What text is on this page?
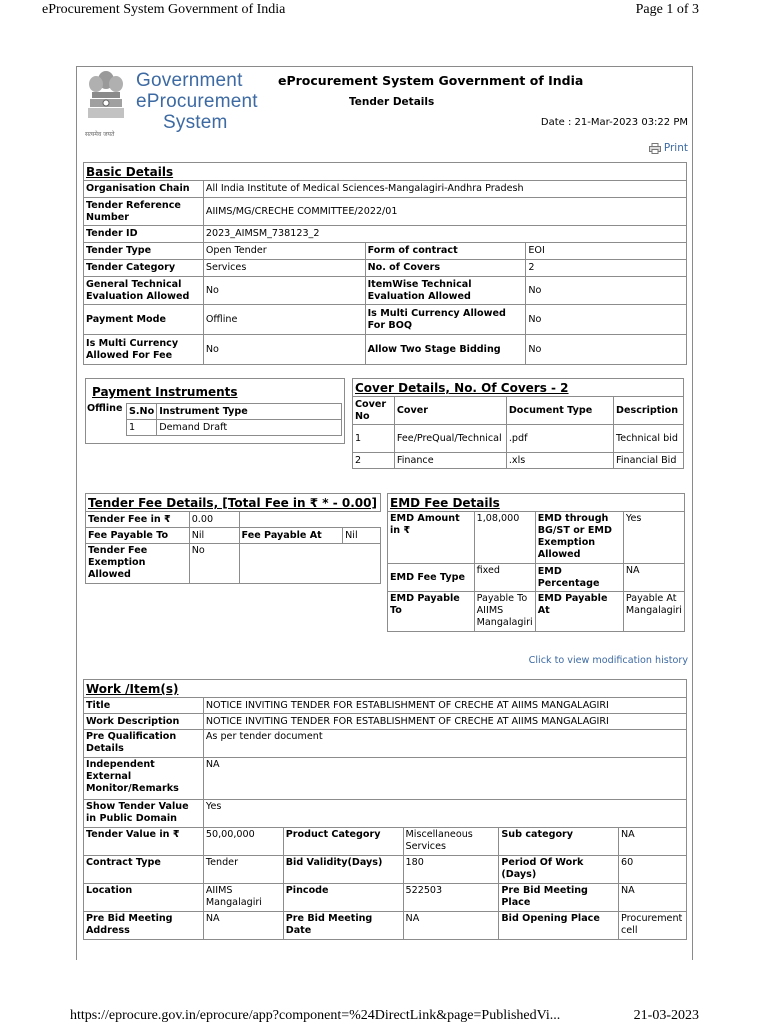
eProcurement System Government of India	Page 1 of 3
https://eprocure.gov.in/eprocure/app?component=%24DirectLink&page=PublishedVi...	21-03-2023
सत्यमेव जयते
Government
eProcurement
System
eProcurement System Government of India
Tender Details
Date : 21-Mar-2023 03:22 PM
Print
Basic Details			
Organisation Chain	All India Institute of Medical Sciences-Mangalagiri-Andhra Pradesh		
Tender Reference Number	AIIMS/MG/CRECHE COMMITTEE/2022/01		
Tender ID	2023_AIMSM_738123_2		
Tender Type	Open Tender	Form of contract	EOI
Tender Category	Services	No. of Covers	2
General Technical Evaluation Allowed	No	ItemWise Technical Evaluation Allowed	No
Payment Mode	Offline	Is Multi Currency Allowed For BOQ	No
Is Multi Currency Allowed For Fee	No	Allow Two Stage Bidding	No
Payment Instruments
Offline S.No	Instrument Type
1	Demand Draft
Cover Details, No. Of Covers - 2			
Cover No	Cover	Document Type	Description
1	Fee/PreQual/Technical	.pdf	Technical bid
2	Finance	.xls	Financial Bid
Tender Fee Details, [Total Fee in ₹ * - 0.00]			
Tender Fee in ₹	0.00		
Fee Payable To	Nil	Fee Payable At	Nil
Tender Fee Exemption Allowed	No		
EMD Fee Details			
EMD Amount in ₹	1,08,000	EMD through BG/ST or EMD Exemption Allowed	Yes
EMD Fee Type	fixed	EMD Percentage	NA
EMD Payable To	Payable To AIIMS Mangalagiri	EMD Payable At	Payable At Mangalagiri
Click to view modification history
Work /Item(s)					
Title	NOTICE INVITING TENDER FOR ESTABLISHMENT OF CRECHE AT AIIMS MANGALAGIRI				
Work Description	NOTICE INVITING TENDER FOR ESTABLISHMENT OF CRECHE AT AIIMS MANGALAGIRI				
Pre Qualification Details	As per tender document				
Independent External Monitor/Remarks	NA				
Show Tender Value in Public Domain	Yes				
Tender Value in ₹	50,00,000	Product Category	Miscellaneous Services	Sub category	NA
Contract Type	Tender	Bid Validity(Days)	180	Period Of Work (Days)	60
Location	AIIMS Mangalagiri	Pincode	522503	Pre Bid Meeting Place	NA
Pre Bid Meeting Address	NA	Pre Bid Meeting Date	NA	Bid Opening Place	Procurement cell
